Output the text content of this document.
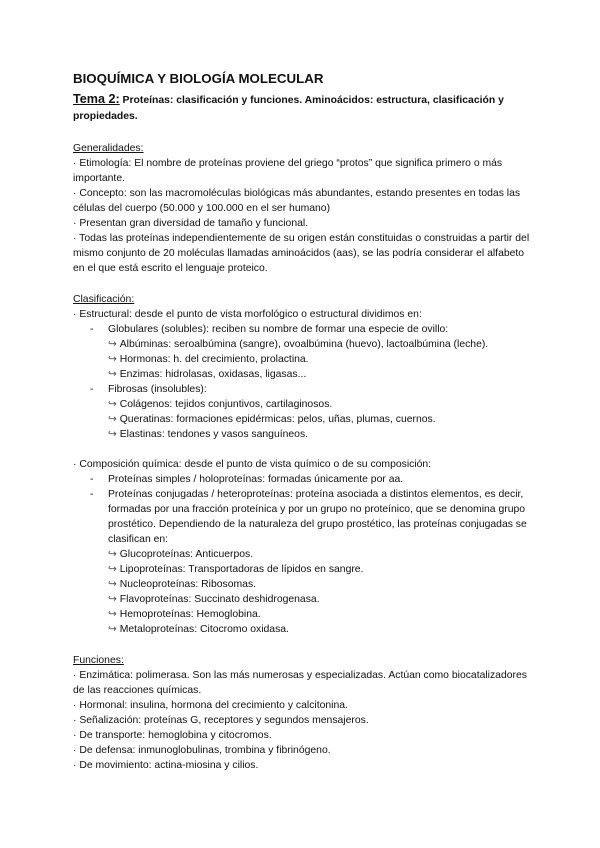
BIOQUÍMICA Y BIOLOGÍA MOLECULAR
Tema 2: Proteínas: clasificación y funciones. Aminoácidos: estructura, clasificación y propiedades.
Generalidades:
· Etimología: El nombre de proteínas proviene del griego “protos” que significa primero o más importante.
· Concepto: son las macromoléculas biológicas más abundantes, estando presentes en todas las células del cuerpo (50.000 y 100.000 en el ser humano)
· Presentan gran diversidad de tamaño y funcional.
· Todas las proteínas independientemente de su origen están constituidas o construidas a partir del mismo conjunto de 20 moléculas llamadas aminoácidos (aas), se las podría considerar el alfabeto en el que está escrito el lenguaje proteico.
Clasificación:
· Estructural: desde el punto de vista morfológico o estructural dividimos en:
- Globulares (solubles): reciben su nombre de formar una especie de ovillo:
↪ Albúminas: seroalbúmina (sangre), ovoalbúmina (huevo), lactoalbúmina (leche).
↪ Hormonas: h. del crecimiento, prolactina.
↪ Enzimas: hidrolasas, oxidasas, ligasas...
- Fibrosas (insolubles):
↪ Colágenos: tejidos conjuntivos, cartilaginosos.
↪ Queratinas: formaciones epidérmicas: pelos, uñas, plumas, cuernos.
↪ Elastinas: tendones y vasos sanguíneos.
· Composición química: desde el punto de vista químico o de su composición:
- Proteínas simples / holoproteínas: formadas únicamente por aa.
- Proteínas conjugadas / heteroproteínas: proteína asociada a distintos elementos, es decir, formadas por una fracción proteínica y por un grupo no proteínico, que se denomina grupo prostético. Dependiendo de la naturaleza del grupo prostético, las proteínas conjugadas se clasifican en:
↪ Glucoproteínas: Anticuerpos.
↪ Lipoproteínas: Transportadoras de lípidos en sangre.
↪ Nucleoproteínas: Ribosomas.
↪ Flavoproteínas: Succinato deshidrogenasa.
↪ Hemoproteínas: Hemoglobina.
↪ Metaloproteínas: Citocromo oxidasa.
Funciones:
· Enzimática: polimerasa. Son las más numerosas y especializadas. Actúan como biocatalizadores de las reacciones químicas.
· Hormonal: insulina, hormona del crecimiento y calcitonina.
· Señalización: proteínas G, receptores y segundos mensajeros.
· De transporte: hemoglobina y citocromos.
· De defensa: inmunoglobulinas, trombina y fibrinógeno.
· De movimiento: actina-miosina y cilios.
